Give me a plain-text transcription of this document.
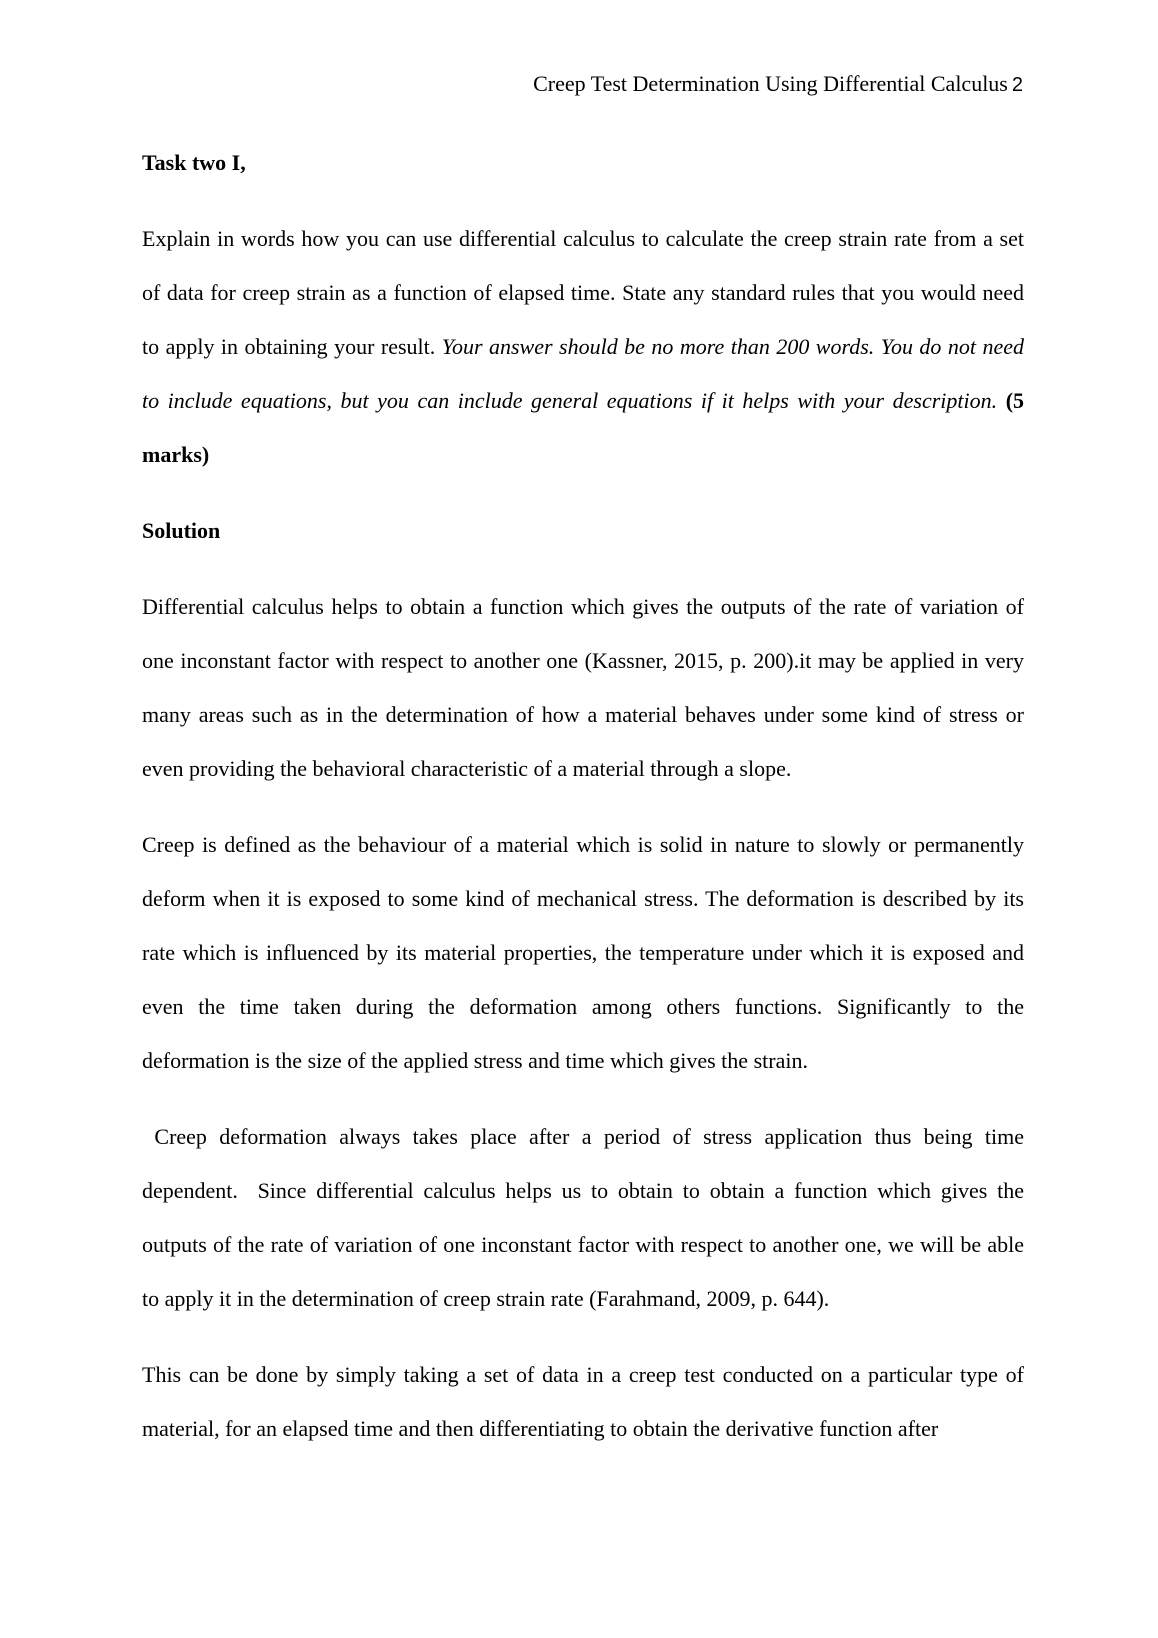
Creep Test Determination Using Differential Calculus 2

Task two I,

Explain in words how you can use differential calculus to calculate the creep strain rate from a set of data for creep strain as a function of elapsed time. State any standard rules that you would need to apply in obtaining your result. Your answer should be no more than 200 words. You do not need to include equations, but you can include general equations if it helps with your description. (5 marks)

Solution

Differential calculus helps to obtain a function which gives the outputs of the rate of variation of one inconstant factor with respect to another one (Kassner, 2015, p. 200).it may be applied in very many areas such as in the determination of how a material behaves under some kind of stress or even providing the behavioral characteristic of a material through a slope.

Creep is defined as the behaviour of a material which is solid in nature to slowly or permanently deform when it is exposed to some kind of mechanical stress. The deformation is described by its rate which is influenced by its material properties, the temperature under which it is exposed and even the time taken during the deformation among others functions. Significantly to the deformation is the size of the applied stress and time which gives the strain.

Creep deformation always takes place after a period of stress application thus being time dependent.  Since differential calculus helps us to obtain to obtain a function which gives the outputs of the rate of variation of one inconstant factor with respect to another one, we will be able to apply it in the determination of creep strain rate (Farahmand, 2009, p. 644).

This can be done by simply taking a set of data in a creep test conducted on a particular type of material, for an elapsed time and then differentiating to obtain the derivative function after
